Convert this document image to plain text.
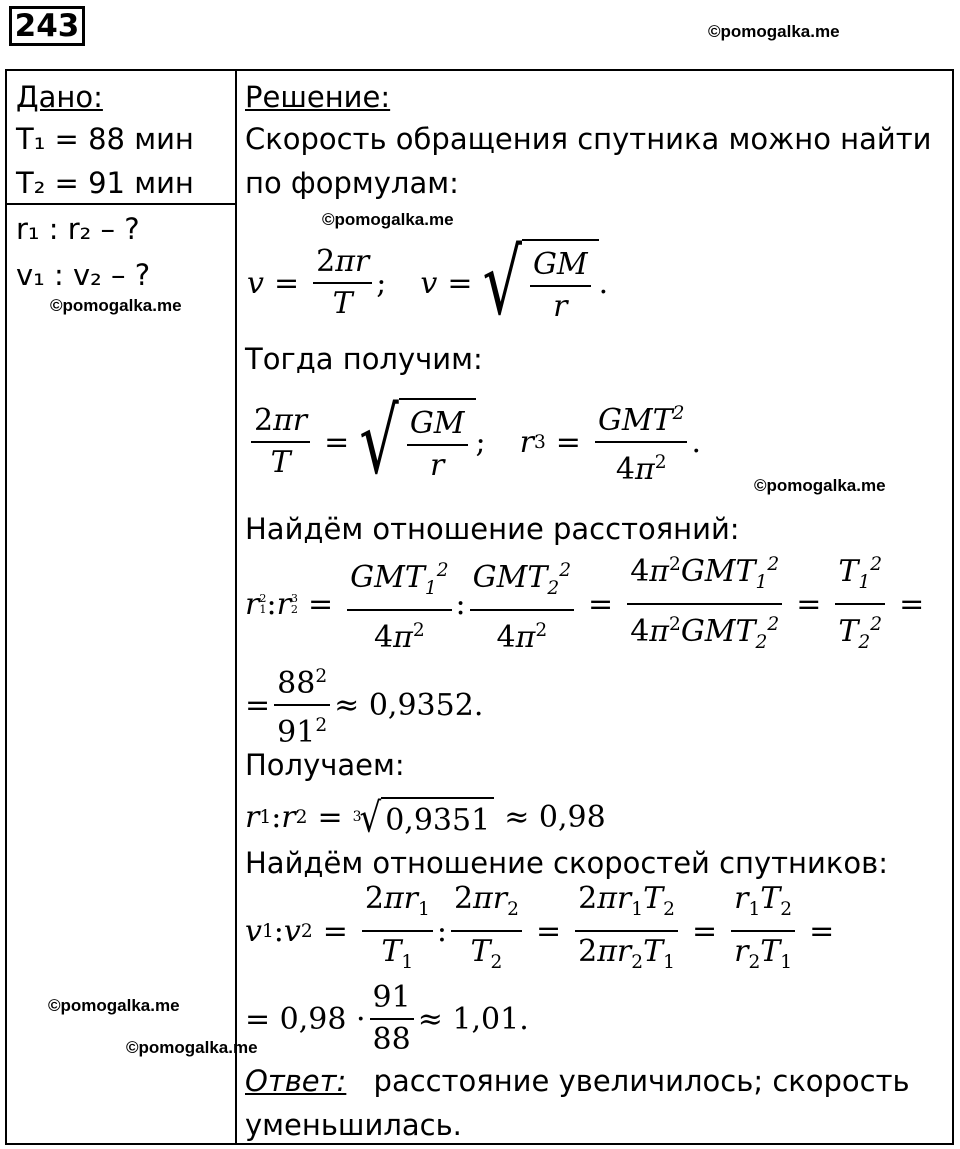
243	©pomogalka.me
Дано:
T₁ = 88 мин
T₂ = 91 мин
r₁ : r₂ – ?
v₁ : v₂ – ?
©pomogalka.me
Решение:
Скорость обращения спутника можно найти
по формулам:
©pomogalka.me
$v = \frac{2\pi r}{T}$ ; v = √ $\frac{GM}{r}$ .
Тогда получим:
$\frac{2\pi r}{T}$ = √ $\frac{GM}{r}$ ; r $3 = \frac{GMT^2}{4\pi^2}$ .
©pomogalka.me
Найдём отношение расстояний:
r 2
1 : r 3
$2 = \frac{GMT_1^2}{4\pi^2}$ : $\frac{GMT_2^2}{4\pi^2} = \frac{4\pi^2GMT_1^2}{4\pi^2GMT_2^2} = \frac{T_1^2}{T_2^2}$ =
= $\frac{88^2}{91^2} \approx 0,9352$.
Получаем:
r 1 : r 2 = 3
√ 0,9351 ≈ 0,98
Найдём отношение скоростей спутников:
v 1 : v $2 = \frac{2\pi r_1}{T_1}$ : $\frac{2\pi r_2}{T_2} = \frac{2\pi r_1T_2}{2\pi r_2T_1} = \frac{r_1T_2}{r_2T_1}$ =
= $0,98 \cdot \frac{91}{88} \approx 1,01$.
©pomogalka.me
©pomogalka.me
Ответ: расстояние увеличилось; скорость
уменьшилась.
